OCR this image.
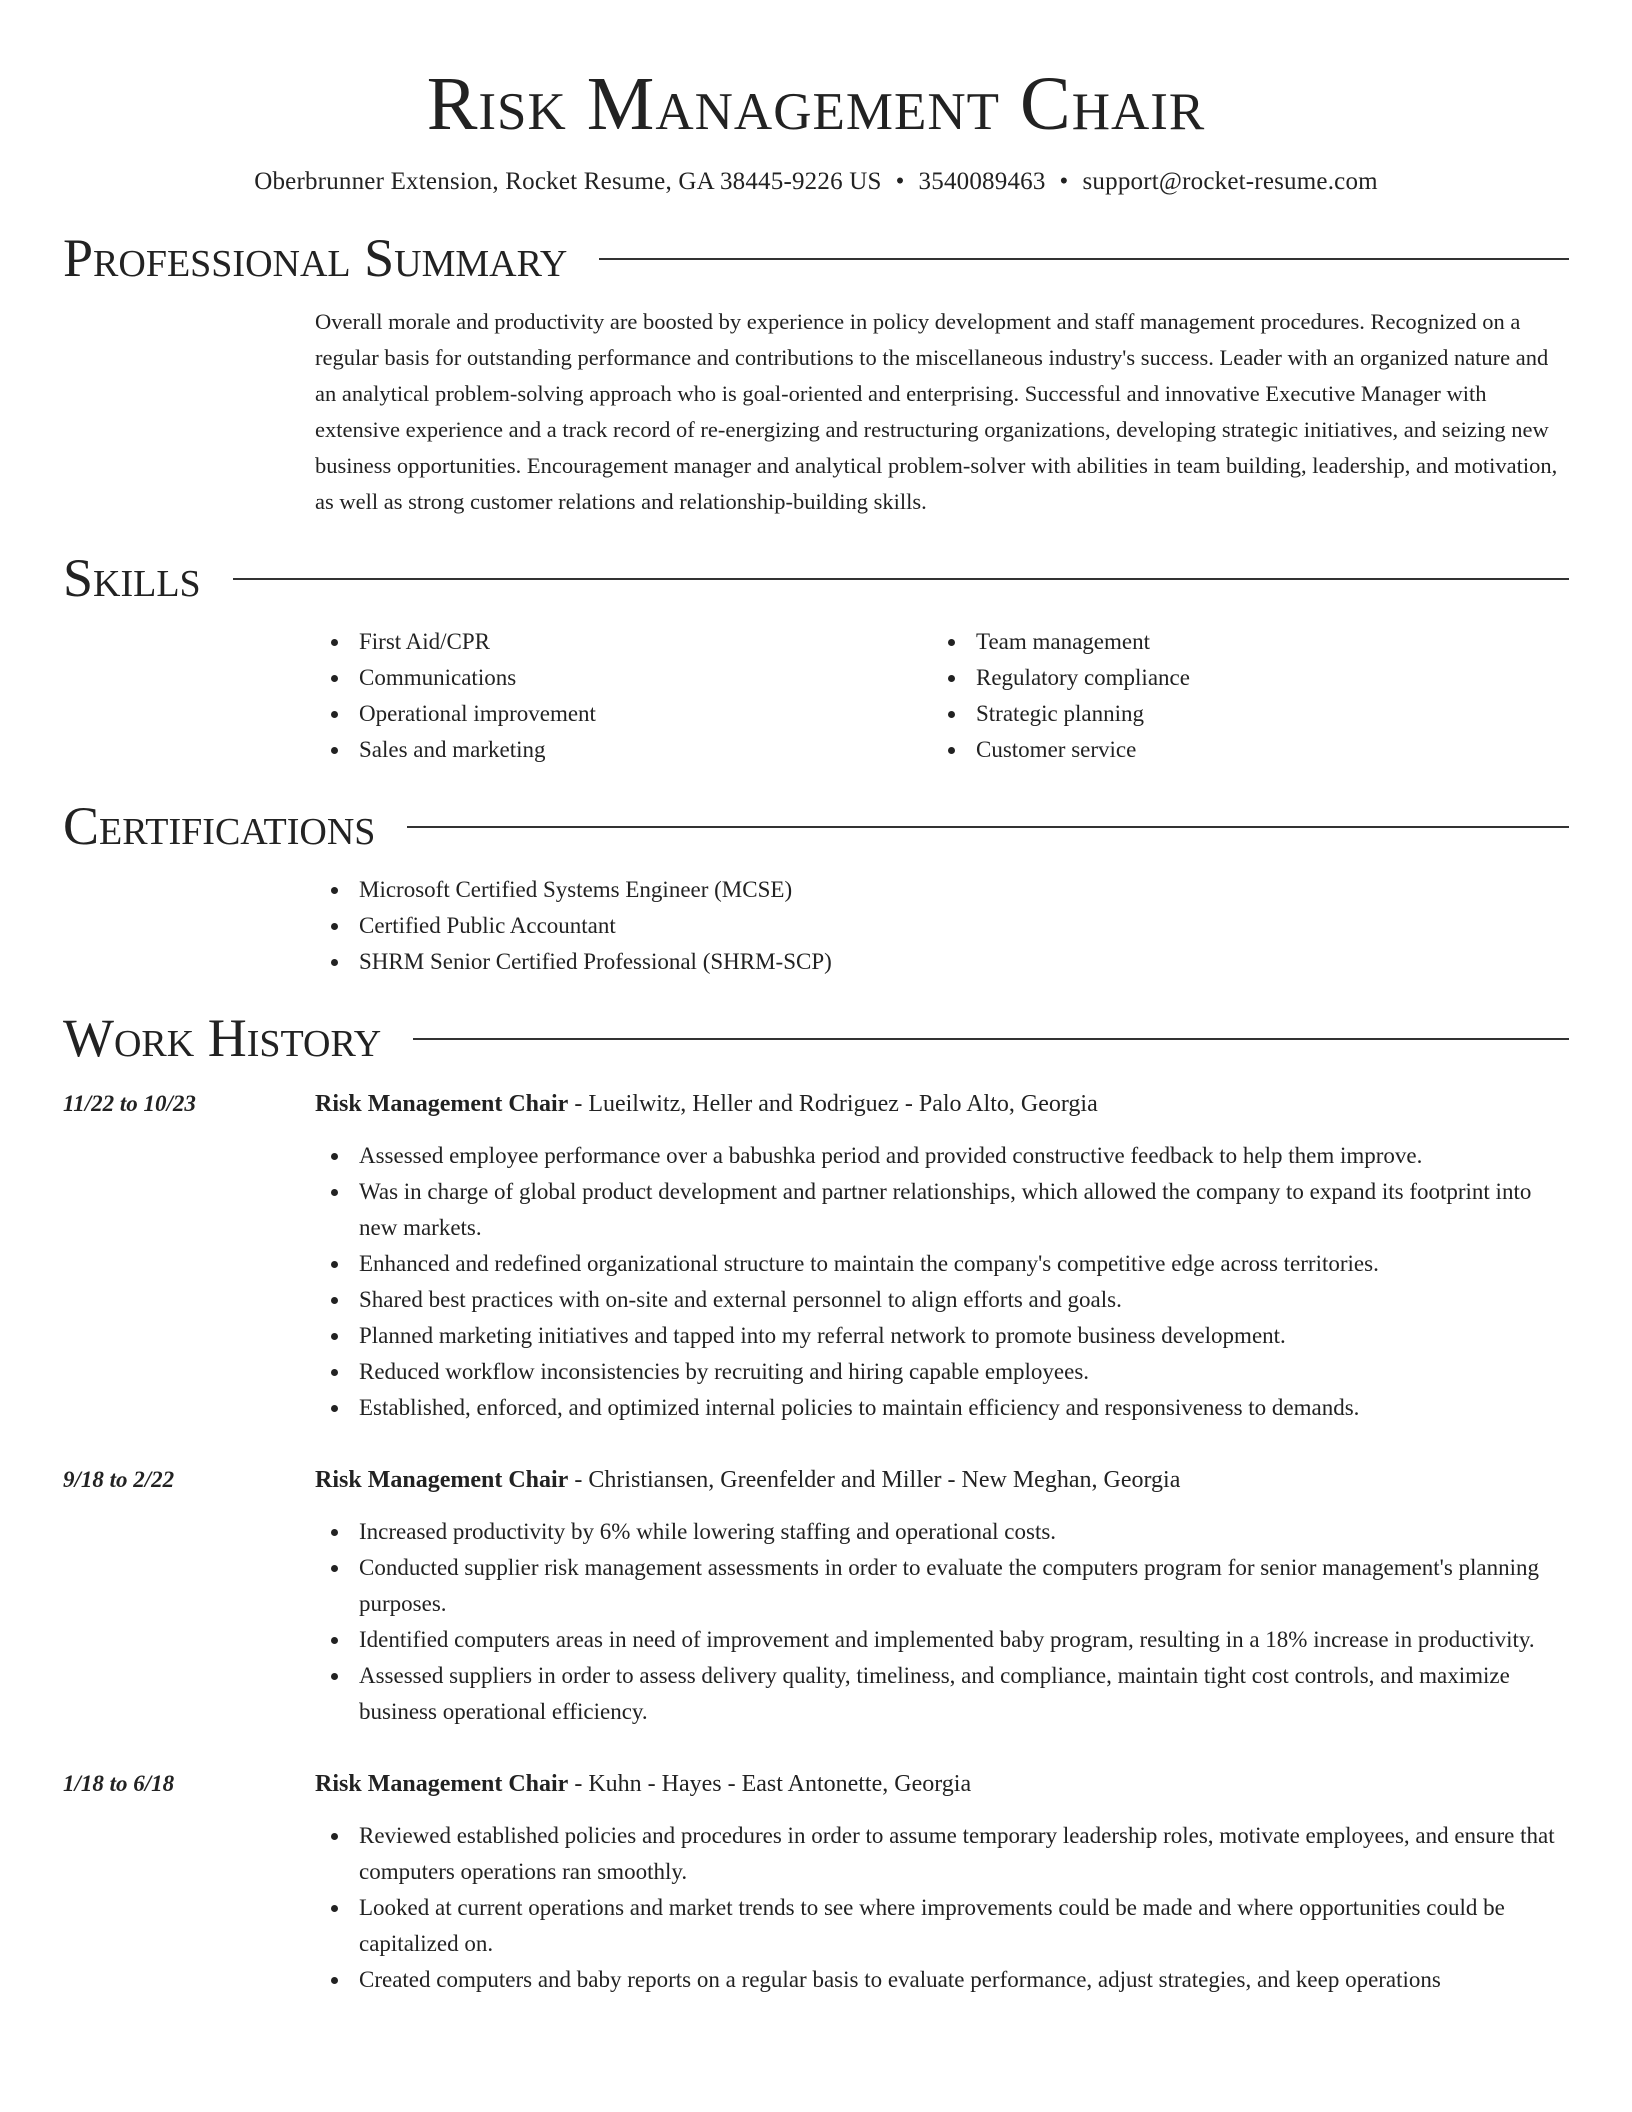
Risk Management Chair
Oberbrunner Extension, Rocket Resume, GA 38445-9226 US • 3540089463 • support@rocket-resume.com
Professional Summary

Overall morale and productivity are boosted by experience in policy development and staff management procedures. Recognized on a regular basis for outstanding performance and contributions to the miscellaneous industry's success. Leader with an organized nature and an analytical problem-solving approach who is goal-oriented and enterprising. Successful and innovative Executive Manager with extensive experience and a track record of re-energizing and restructuring organizations, developing strategic initiatives, and seizing new business opportunities. Encouragement manager and analytical problem-solver with abilities in team building, leadership, and motivation, as well as strong customer relations and relationship-building skills.

Skills
First Aid/CPR
Communications
Operational improvement
Sales and marketing
Team management
Regulatory compliance
Strategic planning
Customer service
Certifications
Microsoft Certified Systems Engineer (MCSE)
Certified Public Accountant
SHRM Senior Certified Professional (SHRM-SCP)
Work History
11/22 to 10/23	Risk Management Chair - Lueilwitz, Heller and Rodriguez - Palo Alto, Georgia
Assessed employee performance over a babushka period and provided constructive feedback to help them improve.
Was in charge of global product development and partner relationships, which allowed the company to expand its footprint into new markets.
Enhanced and redefined organizational structure to maintain the company's competitive edge across territories.
Shared best practices with on-site and external personnel to align efforts and goals.
Planned marketing initiatives and tapped into my referral network to promote business development.
Reduced workflow inconsistencies by recruiting and hiring capable employees.
Established, enforced, and optimized internal policies to maintain efficiency and responsiveness to demands.
9/18 to 2/22	Risk Management Chair - Christiansen, Greenfelder and Miller - New Meghan, Georgia
Increased productivity by 6% while lowering staffing and operational costs.
Conducted supplier risk management assessments in order to evaluate the computers program for senior management's planning purposes.
Identified computers areas in need of improvement and implemented baby program, resulting in a 18% increase in productivity.
Assessed suppliers in order to assess delivery quality, timeliness, and compliance, maintain tight cost controls, and maximize business operational efficiency.
1/18 to 6/18	Risk Management Chair - Kuhn - Hayes - East Antonette, Georgia
Reviewed established policies and procedures in order to assume temporary leadership roles, motivate employees, and ensure that computers operations ran smoothly.
Looked at current operations and market trends to see where improvements could be made and where opportunities could be capitalized on.
Created computers and baby reports on a regular basis to evaluate performance, adjust strategies, and keep operations
